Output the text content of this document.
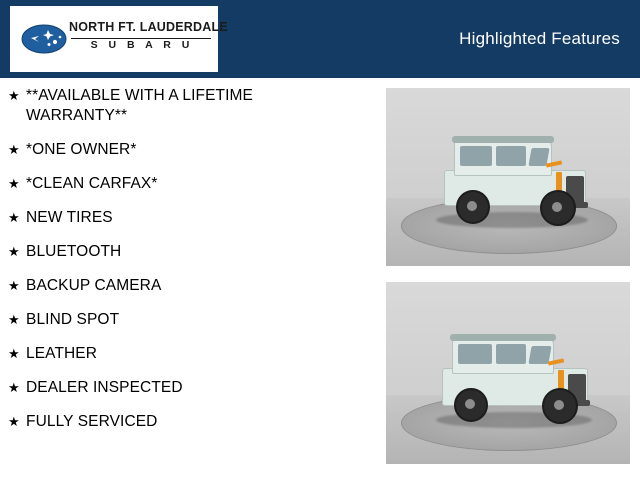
NORTH FT. LAUDERDALE
S U B A R U	Highlighted Features
★ **AVAILABLE WITH A LIFETIME WARRANTY**
★ *ONE OWNER*
★ *CLEAN CARFAX*
★ NEW TIRES
★ BLUETOOTH
★ BACKUP CAMERA
★ BLIND SPOT
★ LEATHER
★ DEALER INSPECTED
★ FULLY SERVICED
